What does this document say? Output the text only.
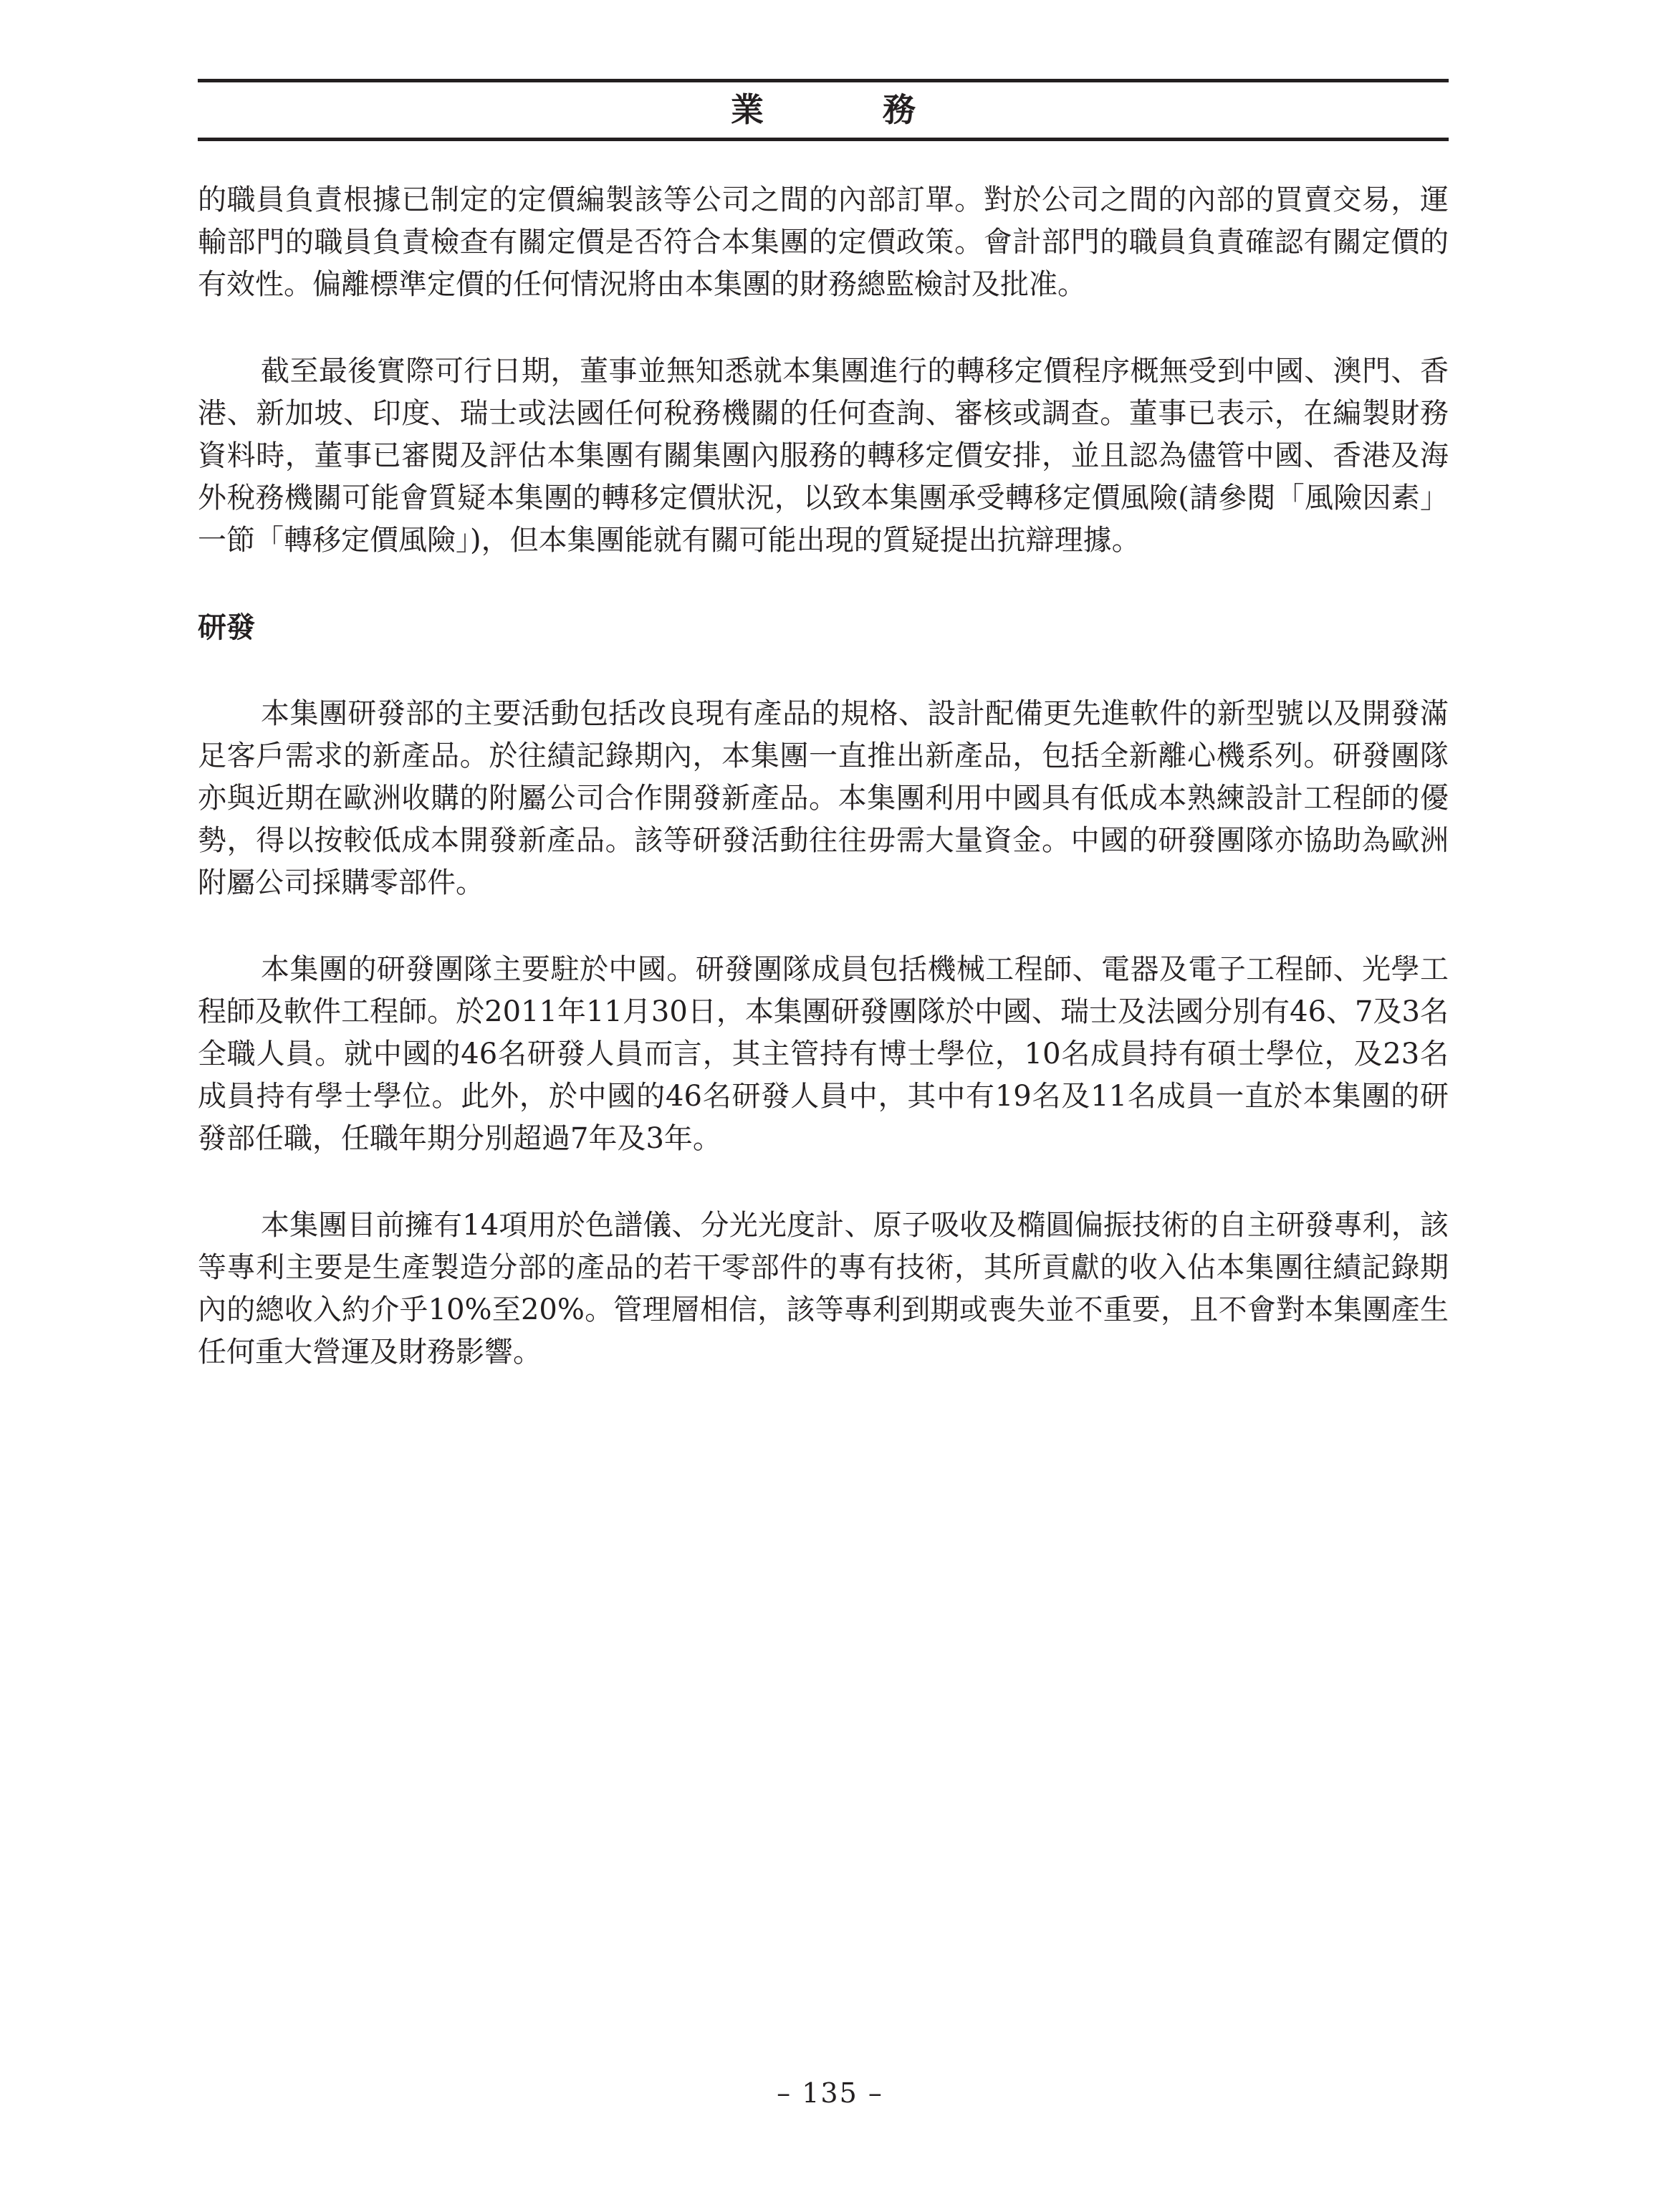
業　務

的職員負責根據已制定的定價編製該等公司之間的內部訂單。對於公司之間的內部的買賣交易，運輸部門的職員負責檢查有關定價是否符合本集團的定價政策。會計部門的職員負責確認有關定價的有效性。偏離標準定價的任何情況將由本集團的財務總監檢討及批准。

截至最後實際可行日期，董事並無知悉就本集團進行的轉移定價程序概無受到中國、澳門、香港、新加坡、印度、瑞士或法國任何稅務機關的任何查詢、審核或調查。董事已表示，在編製財務資料時，董事已審閱及評估本集團有關集團內服務的轉移定價安排，並且認為儘管中國、香港及海外稅務機關可能會質疑本集團的轉移定價狀況，以致本集團承受轉移定價風險(請參閱「風險因素」一節「轉移定價風險」)，但本集團能就有關可能出現的質疑提出抗辯理據。

研發

本集團研發部的主要活動包括改良現有產品的規格、設計配備更先進軟件的新型號以及開發滿足客戶需求的新產品。於往績記錄期內，本集團一直推出新產品，包括全新離心機系列。研發團隊亦與近期在歐洲收購的附屬公司合作開發新產品。本集團利用中國具有低成本熟練設計工程師的優勢，得以按較低成本開發新產品。該等研發活動往往毋需大量資金。中國的研發團隊亦協助為歐洲附屬公司採購零部件。

本集團的研發團隊主要駐於中國。研發團隊成員包括機械工程師、電器及電子工程師、光學工程師及軟件工程師。於2011年11月30日，本集團研發團隊於中國、瑞士及法國分別有46、7及3名全職人員。就中國的46名研發人員而言，其主管持有博士學位，10名成員持有碩士學位，及23名成員持有學士學位。此外，於中國的46名研發人員中，其中有19名及11名成員一直於本集團的研發部任職，任職年期分別超過7年及3年。

本集團目前擁有14項用於色譜儀、分光光度計、原子吸收及橢圓偏振技術的自主研發專利，該等專利主要是生產製造分部的產品的若干零部件的專有技術，其所貢獻的收入佔本集團往績記錄期內的總收入約介乎10%至20%。管理層相信，該等專利到期或喪失並不重要，且不會對本集團產生任何重大營運及財務影響。

– 135 –
